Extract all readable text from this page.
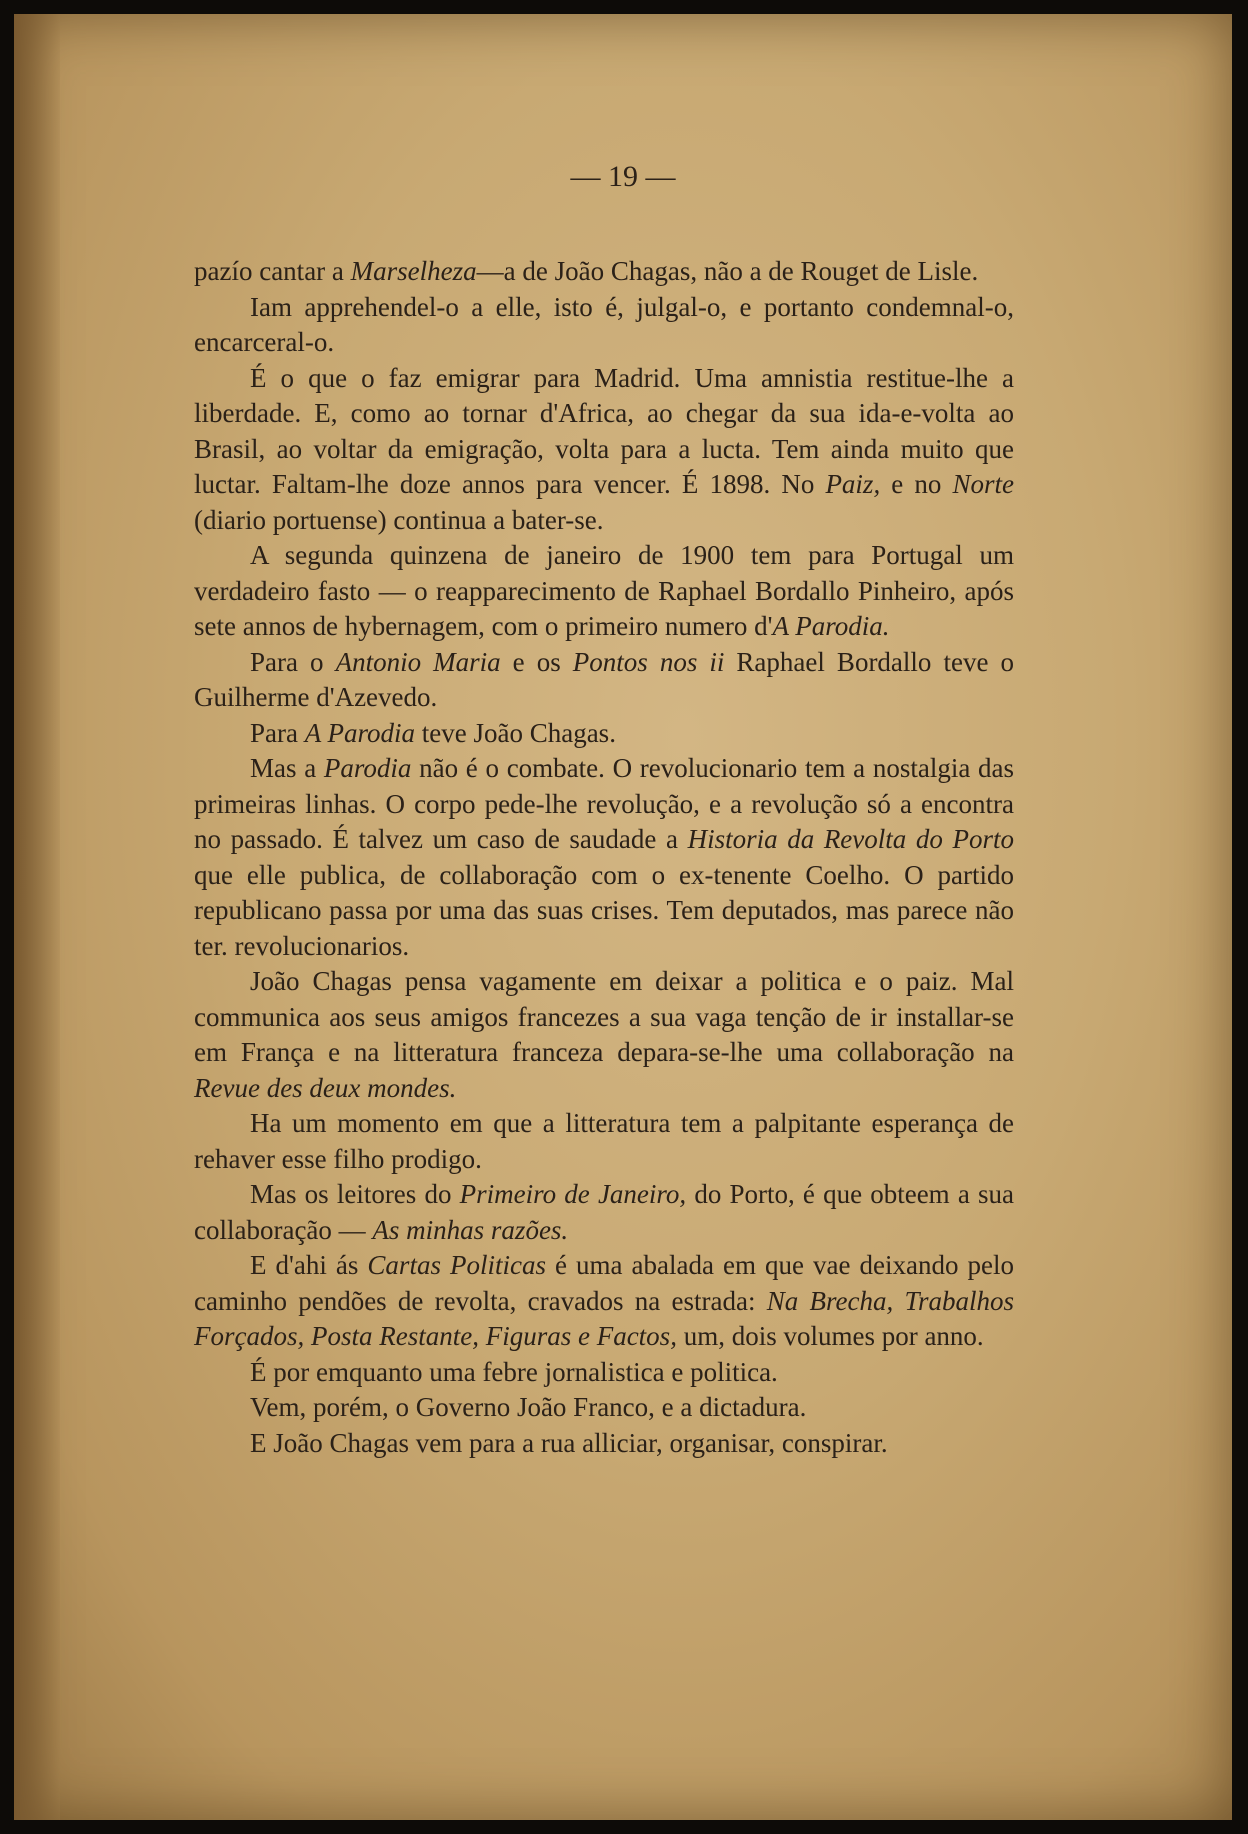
— 19 —

pazío cantar a Marselheza—a de João Chagas, não a de Rouget de Lisle.

Iam apprehendel-o a elle, isto é, julgal-o, e portanto condemnal-o, encarceral-o.

É o que o faz emigrar para Madrid. Uma amnistia restitue-lhe a liberdade. E, como ao tornar d'Africa, ao chegar da sua ida-e-volta ao Brasil, ao voltar da emigração, volta para a lucta. Tem ainda muito que luctar. Faltam-lhe doze annos para vencer. É 1898. No Paiz, e no Norte (diario portuense) continua a bater-se.

A segunda quinzena de janeiro de 1900 tem para Portugal um verdadeiro fasto — o reapparecimento de Raphael Bordallo Pinheiro, após sete annos de hybernagem, com o primeiro numero d'A Parodia.

Para o Antonio Maria e os Pontos nos ii Raphael Bordallo teve o Guilherme d'Azevedo.

Para A Parodia teve João Chagas.

Mas a Parodia não é o combate. O revolucionario tem a nostalgia das primeiras linhas. O corpo pede-lhe revolução, e a revolução só a encontra no passado. É talvez um caso de saudade a Historia da Revolta do Porto que elle publica, de collaboração com o ex-tenente Coelho. O partido republicano passa por uma das suas crises. Tem deputados, mas parece não ter. revolucionarios.

João Chagas pensa vagamente em deixar a politica e o paiz. Mal communica aos seus amigos francezes a sua vaga tenção de ir installar-se em França e na litteratura franceza depara-se-lhe uma collaboração na Revue des deux mondes.

Ha um momento em que a litteratura tem a palpitante esperança de rehaver esse filho prodigo.

Mas os leitores do Primeiro de Janeiro, do Porto, é que obteem a sua collaboração — As minhas razões.

E d'ahi ás Cartas Politicas é uma abalada em que vae deixando pelo caminho pendões de revolta, cravados na estrada: Na Brecha, Trabalhos Forçados, Posta Restante, Figuras e Factos, um, dois volumes por anno.

É por emquanto uma febre jornalistica e politica.

Vem, porém, o Governo João Franco, e a dictadura.

E João Chagas vem para a rua alliciar, organisar, conspirar.
